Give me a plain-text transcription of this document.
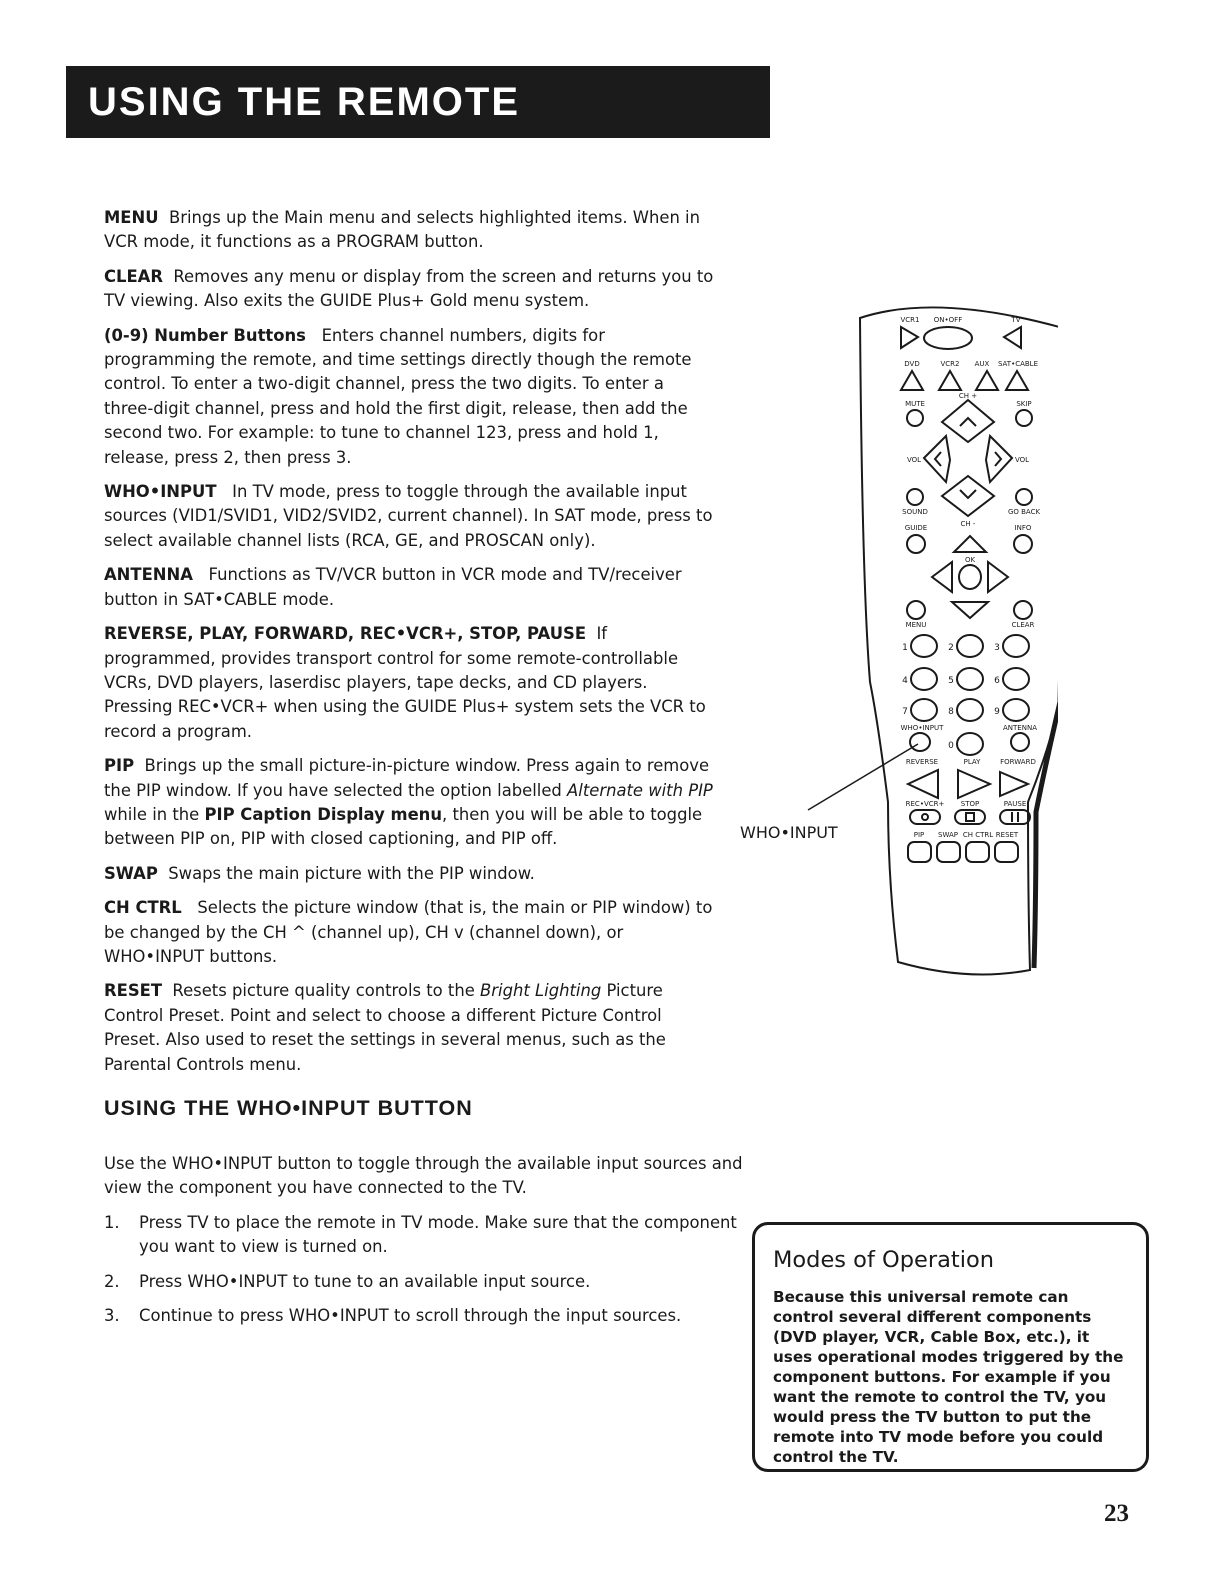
USING THE REMOTE

MENU Brings up the Main menu and selects highlighted items. When in VCR mode, it functions as a PROGRAM button.

CLEAR Removes any menu or display from the screen and returns you to TV viewing. Also exits the GUIDE Plus+ Gold menu system.

(0-9) Number Buttons Enters channel numbers, digits for programming the remote, and time settings directly though the remote control. To enter a two-digit channel, press the two digits. To enter a three-digit channel, press and hold the first digit, release, then add the second two. For example: to tune to channel 123, press and hold 1, release, press 2, then press 3.

WHO•INPUT In TV mode, press to toggle through the available input sources (VID1/SVID1, VID2/SVID2, current channel). In SAT mode, press to select available channel lists (RCA, GE, and PROSCAN only).

ANTENNA Functions as TV/VCR button in VCR mode and TV/receiver button in SAT•CABLE mode.

REVERSE, PLAY, FORWARD, REC•VCR+, STOP, PAUSE If programmed, provides transport control for some remote-controllable VCRs, DVD players, laserdisc players, tape decks, and CD players. Pressing REC•VCR+ when using the GUIDE Plus+ system sets the VCR to record a program.

PIP Brings up the small picture-in-picture window. Press again to remove the PIP window. If you have selected the option labelled Alternate with PIP while in the PIP Caption Display menu, then you will be able to toggle between PIP on, PIP with closed captioning, and PIP off.

SWAP Swaps the main picture with the PIP window.

CH CTRL Selects the picture window (that is, the main or PIP window) to be changed by the CH ^ (channel up), CH v (channel down), or WHO•INPUT buttons.

RESET Resets picture quality controls to the Bright Lighting Picture Control Preset. Point and select to choose a different Picture Control Preset. Also used to reset the settings in several menus, such as the Parental Controls menu.

USING THE WHO•INPUT BUTTON

Use the WHO•INPUT button to toggle through the available input sources and view the component you have connected to the TV.

1. Press TV to place the remote in TV mode. Make sure that the component you want to view is turned on.
2. Press WHO•INPUT to tune to an available input source.
3. Continue to press WHO•INPUT to scroll through the input sources.
VCR1 ON•OFF	TV
DVD	VCR2 AUX SAT•CABLE
MUTE	SKIP
CH +
VOL	VOL
CH -
SOUND	GO BACK
GUIDE	INFO
OK
MENU	CLEAR
1	2	3
4	5	6
7	8	9
0
WHO•INPUT	ANTENNA
REVERSE	PLAY	FORWARD
REC•VCR+ STOP	PAUSE
PIP SWAP CH CTRL RESET
WHO•INPUT
Modes of Operation
Because this universal remote can control several different components (DVD player, VCR, Cable Box, etc.), it uses operational modes triggered by the component buttons. For example if you want the remote to control the TV, you would press the TV button to put the remote into TV mode before you could control the TV.
23
